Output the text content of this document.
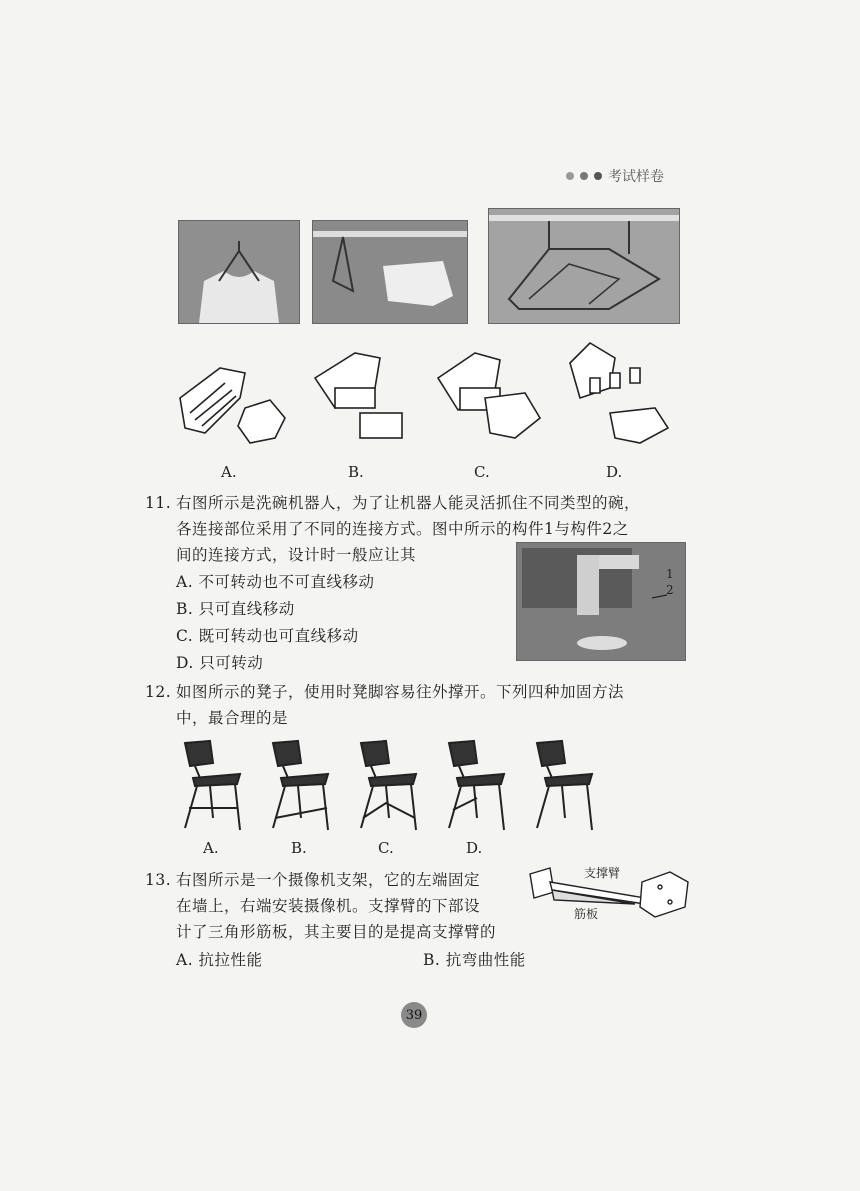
考试样卷
A.	B.	C.	D.
11. 右图所示是洗碗机器人，为了让机器人能灵活抓住不同类型的碗，
各连接部位采用了不同的连接方式。图中所示的构件1与构件2之
间的连接方式，设计时一般应让其
A. 不可转动也不可直线移动
B. 只可直线移动
C. 既可转动也可直线移动
D. 只可转动
1
2
12. 如图所示的凳子，使用时凳脚容易往外撑开。下列四种加固方法
中，最合理的是
A.	B.	C.	D.
13. 右图所示是一个摄像机支架，它的左端固定
在墙上，右端安装摄像机。支撑臂的下部设
计了三角形筋板，其主要目的是提高支撑臂的
A. 抗拉性能	B. 抗弯曲性能
支撑臂
筋板
39
